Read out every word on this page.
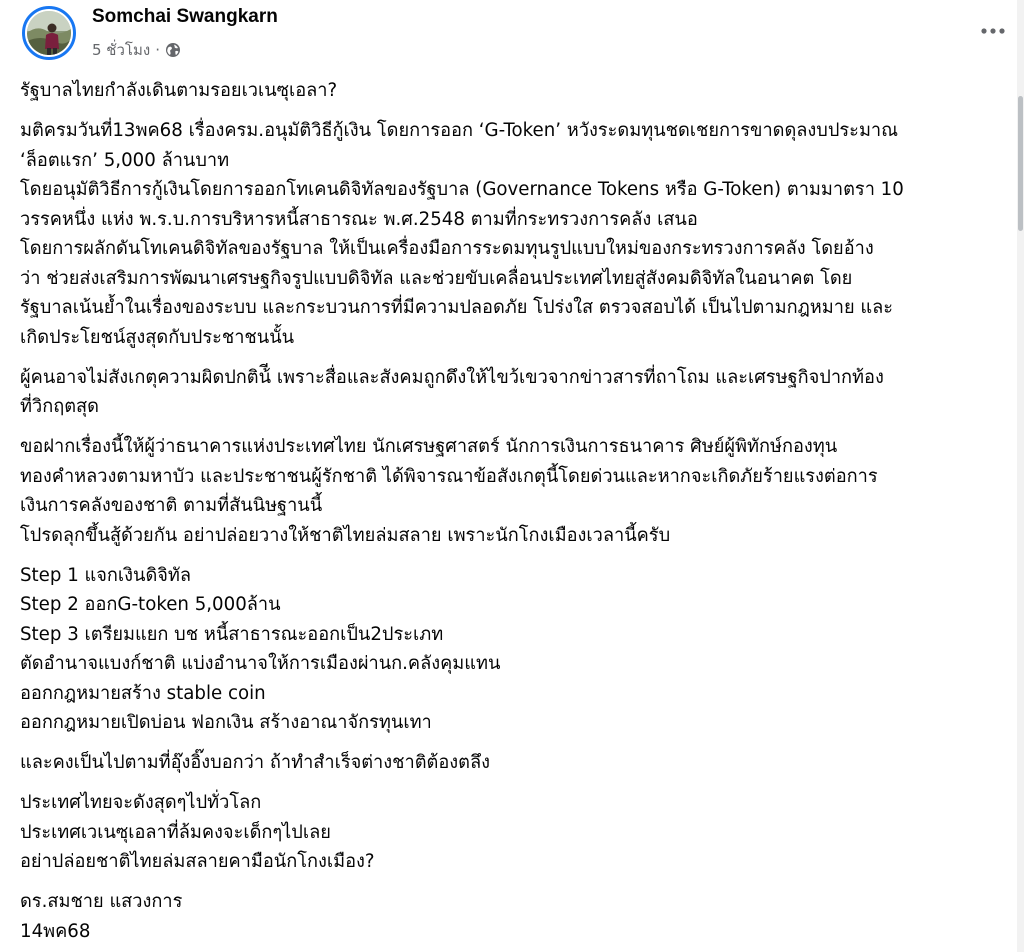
Somchai Swangkarn
5 ชั่วโมง ·
รัฐบาลไทยกำลังเดินตามรอยเวเนซุเอลา?
มติครมวันที่13พค68 เรื่องครม.อนุมัติวิธีกู้เงิน โดยการออก ‘G-Token’ หวังระดมทุนชดเชยการขาดดุลงบประมาณ
‘ล็อตแรก’ 5,000 ล้านบาท
โดยอนุมัติวิธีการกู้เงินโดยการออกโทเคนดิจิทัลของรัฐบาล (Governance Tokens หรือ G-Token) ตามมาตรา 10
วรรคหนึ่ง แห่ง พ.ร.บ.การบริหารหนี้สาธารณะ พ.ศ.2548 ตามที่กระทรวงการคลัง เสนอ
โดยการผลักดันโทเคนดิจิทัลของรัฐบาล ให้เป็นเครื่องมือการระดมทุนรูปแบบใหม่ของกระทรวงการคลัง โดยอ้าง
ว่า ช่วยส่งเสริมการพัฒนาเศรษฐกิจรูปแบบดิจิทัล และช่วยขับเคลื่อนประเทศไทยสู่สังคมดิจิทัลในอนาคต โดย
รัฐบาลเน้นย้ำในเรื่องของระบบ และกระบวนการที่มีความปลอดภัย โปร่งใส ตรวจสอบได้ เป็นไปตามกฎหมาย และ
เกิดประโยชน์สูงสุดกับประชาชนนั้น
ผู้คนอาจไม่สังเกตุความผิดปกติน้ี เพราะสื่อและสังคมถูกดึงให้ไขว้เขวจากข่าวสารที่ถาโถม และเศรษฐกิจปากท้อง
ที่วิกฤตสุด
ขอฝากเรื่องนี้ให้ผู้ว่าธนาคารแห่งประเทศไทย นักเศรษฐศาสตร์ นักการเงินการธนาคาร ศิษย์ผู้พิทักษ์กองทุน
ทองคำหลวงตามหาบัว และประชาชนผู้รักชาติ ได้พิจารณาข้อสังเกตุนี้โดยด่วนและหากจะเกิดภัยร้ายแรงต่อการ
เงินการคลังของชาติ ตามที่สันนิษฐานนี้
โปรดลุกขึ้นสู้ด้วยกัน อย่าปล่อยวางให้ชาติไทยล่มสลาย เพราะนักโกงเมืองเวลานี้ครับ
Step 1 แจกเงินดิจิทัล
Step 2 ออกG-token 5,000ล้าน
Step 3 เตรียมแยก บช หนี้สาธารณะออกเป็น2ประเภท
ตัดอำนาจแบงก์ชาติ แบ่งอำนาจให้การเมืองผ่านก.คลังคุมแทน
ออกกฎหมายสร้าง stable coin
ออกกฎหมายเปิดบ่อน ฟอกเงิน สร้างอาณาจักรทุนเทา
และคงเป็นไปตามที่อุ๊งอิ๊งบอกว่า ถ้าทำสำเร็จต่างชาติต้องตลึง
ประเทศไทยจะดังสุดๆไปทั่วโลก
ประเทศเวเนซุเอลาที่ล้มคงจะเด็กๆไปเลย
อย่าปล่อยชาติไทยล่มสลายคามือนักโกงเมือง?
ดร.สมชาย แสวงการ
14พค68
